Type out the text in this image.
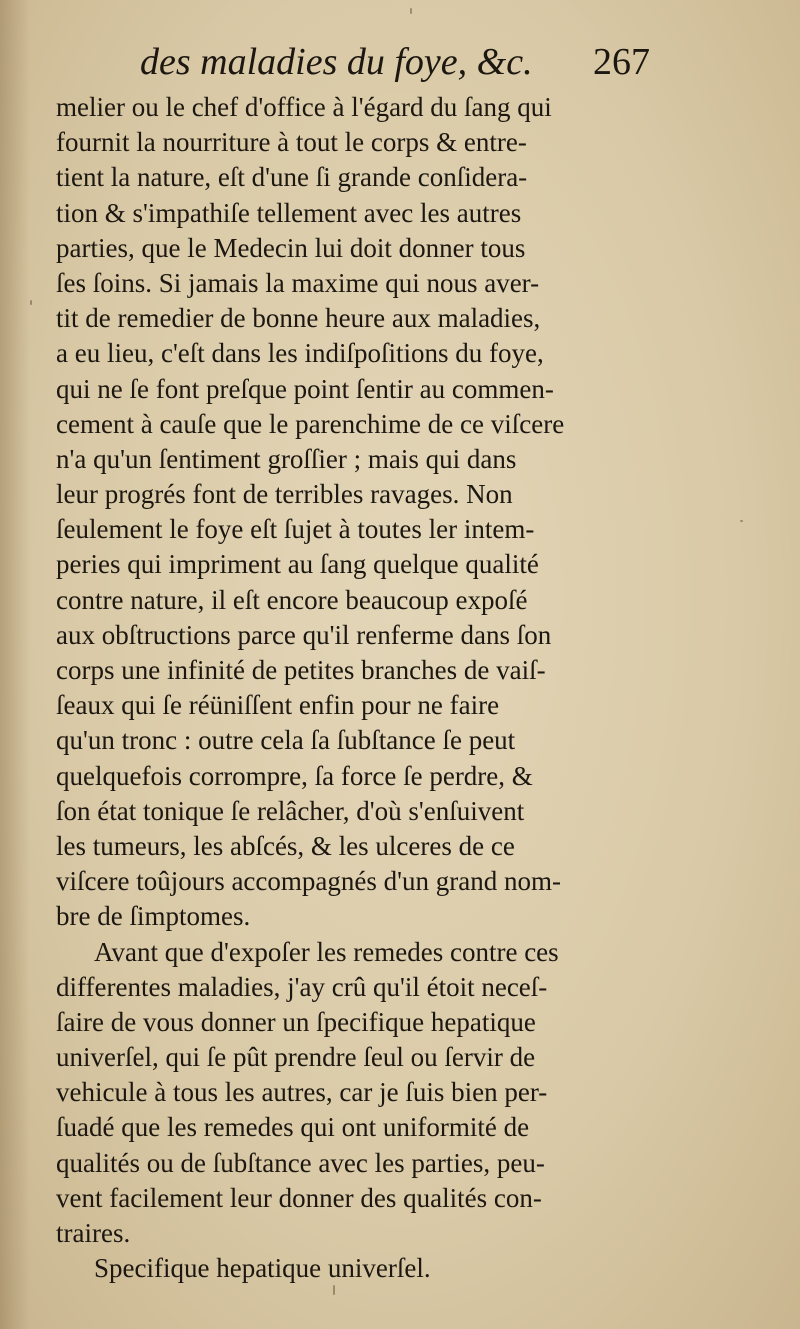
des maladies du foye, &c. 267
melier ou le chef d'office à l'égard du ſang qui
fournit la nourriture à tout le corps & entre-
tient la nature, eſt d'une ſi grande conſidera-
tion & s'impathiſe tellement avec les autres
parties, que le Medecin lui doit donner tous
ſes ſoins. Si jamais la maxime qui nous aver-
tit de remedier de bonne heure aux maladies,
a eu lieu, c'eſt dans les indiſpoſitions du foye,
qui ne ſe font preſque point ſentir au commen-
cement à cauſe que le parenchime de ce viſcere
n'a qu'un ſentiment groſſier ; mais qui dans
leur progrés font de terribles ravages. Non
ſeulement le foye eſt ſujet à toutes ler intem-
peries qui impriment au ſang quelque qualité
contre nature, il eſt encore beaucoup expoſé
aux obſtructions parce qu'il renferme dans ſon
corps une infinité de petites branches de vaiſ-
ſeaux qui ſe réüniſſent enfin pour ne faire
qu'un tronc : outre cela ſa ſubſtance ſe peut
quelquefois corrompre, ſa force ſe perdre, &
ſon état tonique ſe relâcher, d'où s'enſuivent
les tumeurs, les abſcés, & les ulceres de ce
viſcere toûjours accompagnés d'un grand nom-
bre de ſimptomes.
Avant que d'expoſer les remedes contre ces
differentes maladies, j'ay crû qu'il étoit neceſ-
ſaire de vous donner un ſpecifique hepatique
univerſel, qui ſe pût prendre ſeul ou ſervir de
vehicule à tous les autres, car je ſuis bien per-
ſuadé que les remedes qui ont uniformité de
qualités ou de ſubſtance avec les parties, peu-
vent facilement leur donner des qualités con-
traires.
Specifique hepatique univerſel.
